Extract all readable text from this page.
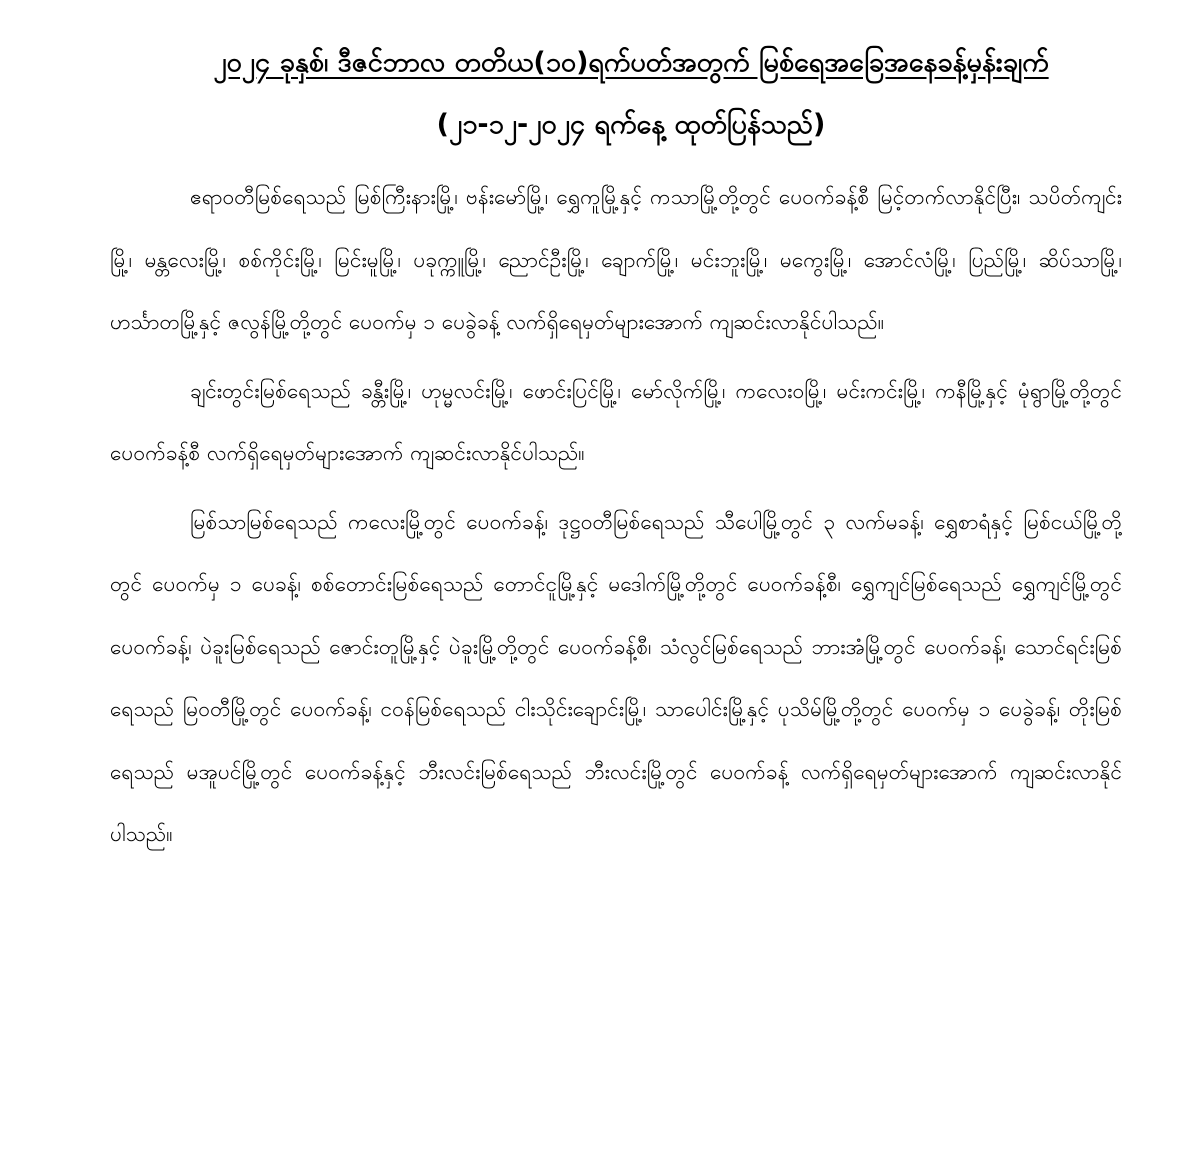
၂၀၂၄ ခုနှစ်၊ ဒီဇင်ဘာလ တတိယ(၁၀)ရက်ပတ်အတွက် မြစ်ရေအခြေအနေခန့်မှန်းချက်
(၂၁-၁၂-၂၀၂၄ ရက်နေ့ ထုတ်ပြန်သည်)

ဧရာဝတီမြစ်ရေသည် မြစ်ကြီးနားမြို့၊ ဗန်းမော်မြို့၊ ရွှေကူမြို့နှင့် ကသာမြို့တို့တွင် ပေ၀က်ခန့်စီ မြင့်တက်လာနိုင်ပြီး၊ သပိတ်ကျင်းမြို့၊ မန္တလေးမြို့၊ စစ်ကိုင်းမြို့၊ မြင်းမူမြို့၊ ပခုက္ကူမြို့၊ ညောင်ဦးမြို့၊ ချောက်မြို့၊ မင်းဘူးမြို့၊ မကွေးမြို့၊ အောင်လံမြို့၊ ပြည်မြို့၊ ဆိပ်သာမြို့၊ ဟင်္သာတမြို့နှင့် ဇလွန်မြို့တို့တွင် ပေ၀က်မှ ၁ ပေခွဲခန့် လက်ရှိရေမှတ်များအောက် ကျဆင်းလာနိုင်ပါသည်။

ချင်းတွင်းမြစ်ရေသည် ခန္တီးမြို့၊ ဟုမ္မလင်းမြို့၊ ဖောင်းပြင်မြို့၊ မော်လိုက်မြို့၊ ကလေးဝမြို့၊ မင်းကင်းမြို့၊ ကနီမြို့နှင့် မုံရွာမြို့တို့တွင် ပေ၀က်ခန့်စီ လက်ရှိရေမှတ်များအောက် ကျဆင်းလာနိုင်ပါသည်။

မြစ်သာမြစ်ရေသည် ကလေးမြို့တွင် ပေ၀က်ခန့်၊ ဒုဋ္ဌဝတီမြစ်ရေသည် သီပေါမြို့တွင် ၃ လက်မခန့်၊ ရွှေစာရံနှင့် မြစ်ငယ်မြို့တို့တွင် ပေ၀က်မှ ၁ ပေခန့်၊ စစ်တောင်းမြစ်ရေသည် တောင်ငူမြို့နှင့် မဒေါက်မြို့တို့တွင် ပေ၀က်ခန့်စီ၊ ရွှေကျင်မြစ်ရေသည် ရွှေကျင်မြို့တွင် ပေ၀က်ခန့်၊ ပဲခူးမြစ်ရေသည် ဇောင်းတူမြို့နှင့် ပဲခူးမြို့တို့တွင် ပေ၀က်ခန့်စီ၊ သံလွင်မြစ်ရေသည် ဘားအံမြို့တွင် ပေ၀က်ခန့်၊ သောင်ရင်းမြစ်ရေသည် မြဝတီမြို့တွင် ပေ၀က်ခန့်၊ ငဝန်မြစ်ရေသည် ငါးသိုင်းချောင်းမြို့၊ သာပေါင်းမြို့နှင့် ပုသိမ်မြို့တို့တွင် ပေ၀က်မှ ၁ ပေခွဲခန့်၊ တိုးမြစ်ရေသည် မအူပင်မြို့တွင် ပေ၀က်ခန့်နှင့် ဘီးလင်းမြစ်ရေသည် ဘီးလင်းမြို့တွင် ပေ၀က်ခန့် လက်ရှိရေမှတ်များအောက် ကျဆင်းလာနိုင်ပါသည်။
